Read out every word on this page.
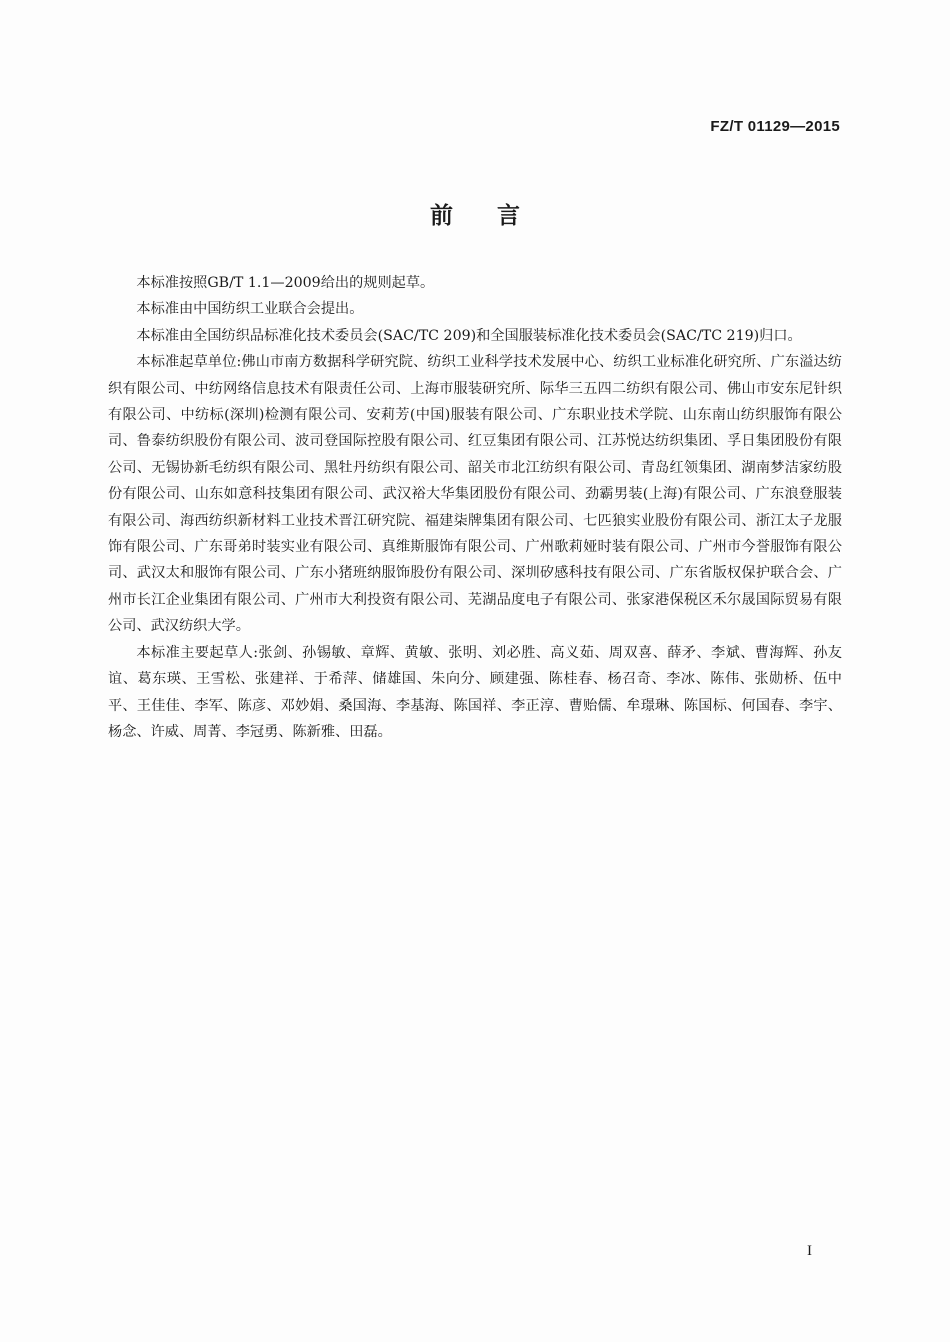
FZ/T 01129—2015
前言

本标准按照GB/T 1.1—2009给出的规则起草。

本标准由中国纺织工业联合会提出。

本标准由全国纺织品标准化技术委员会(SAC/TC 209)和全国服装标准化技术委员会(SAC/TC 219)归口。

本标准起草单位:佛山市南方数据科学研究院、纺织工业科学技术发展中心、纺织工业标准化研究所、广东溢达纺织有限公司、中纺网络信息技术有限责任公司、上海市服装研究所、际华三五四二纺织有限公司、佛山市安东尼针织有限公司、中纺标(深圳)检测有限公司、安莉芳(中国)服装有限公司、广东职业技术学院、山东南山纺织服饰有限公司、鲁泰纺织股份有限公司、波司登国际控股有限公司、红豆集团有限公司、江苏悦达纺织集团、孚日集团股份有限公司、无锡协新毛纺织有限公司、黑牡丹纺织有限公司、韶关市北江纺织有限公司、青岛红领集团、湖南梦洁家纺股份有限公司、山东如意科技集团有限公司、武汉裕大华集团股份有限公司、劲霸男装(上海)有限公司、广东浪登服装有限公司、海西纺织新材料工业技术晋江研究院、福建柒牌集团有限公司、七匹狼实业股份有限公司、浙江太子龙服饰有限公司、广东哥弟时装实业有限公司、真维斯服饰有限公司、广州歌莉娅时装有限公司、广州市今誉服饰有限公司、武汉太和服饰有限公司、广东小猪班纳服饰股份有限公司、深圳矽感科技有限公司、广东省版权保护联合会、广州市长江企业集团有限公司、广州市大利投资有限公司、芜湖品度电子有限公司、张家港保税区禾尔晟国际贸易有限公司、武汉纺织大学。

本标准主要起草人:张剑、孙锡敏、章辉、黄敏、张明、刘必胜、高义茹、周双喜、薛矛、李斌、曹海辉、孙友谊、葛东瑛、王雪松、张建祥、于希萍、储雄国、朱向分、顾建强、陈桂春、杨召奇、李冰、陈伟、张勋桥、伍中平、王佳佳、李军、陈彦、邓妙娟、桑国海、李基海、陈国祥、李正淳、曹贻儒、牟璟琳、陈国标、何国春、李宇、杨念、许威、周菁、李冠勇、陈新雅、田磊。

I
